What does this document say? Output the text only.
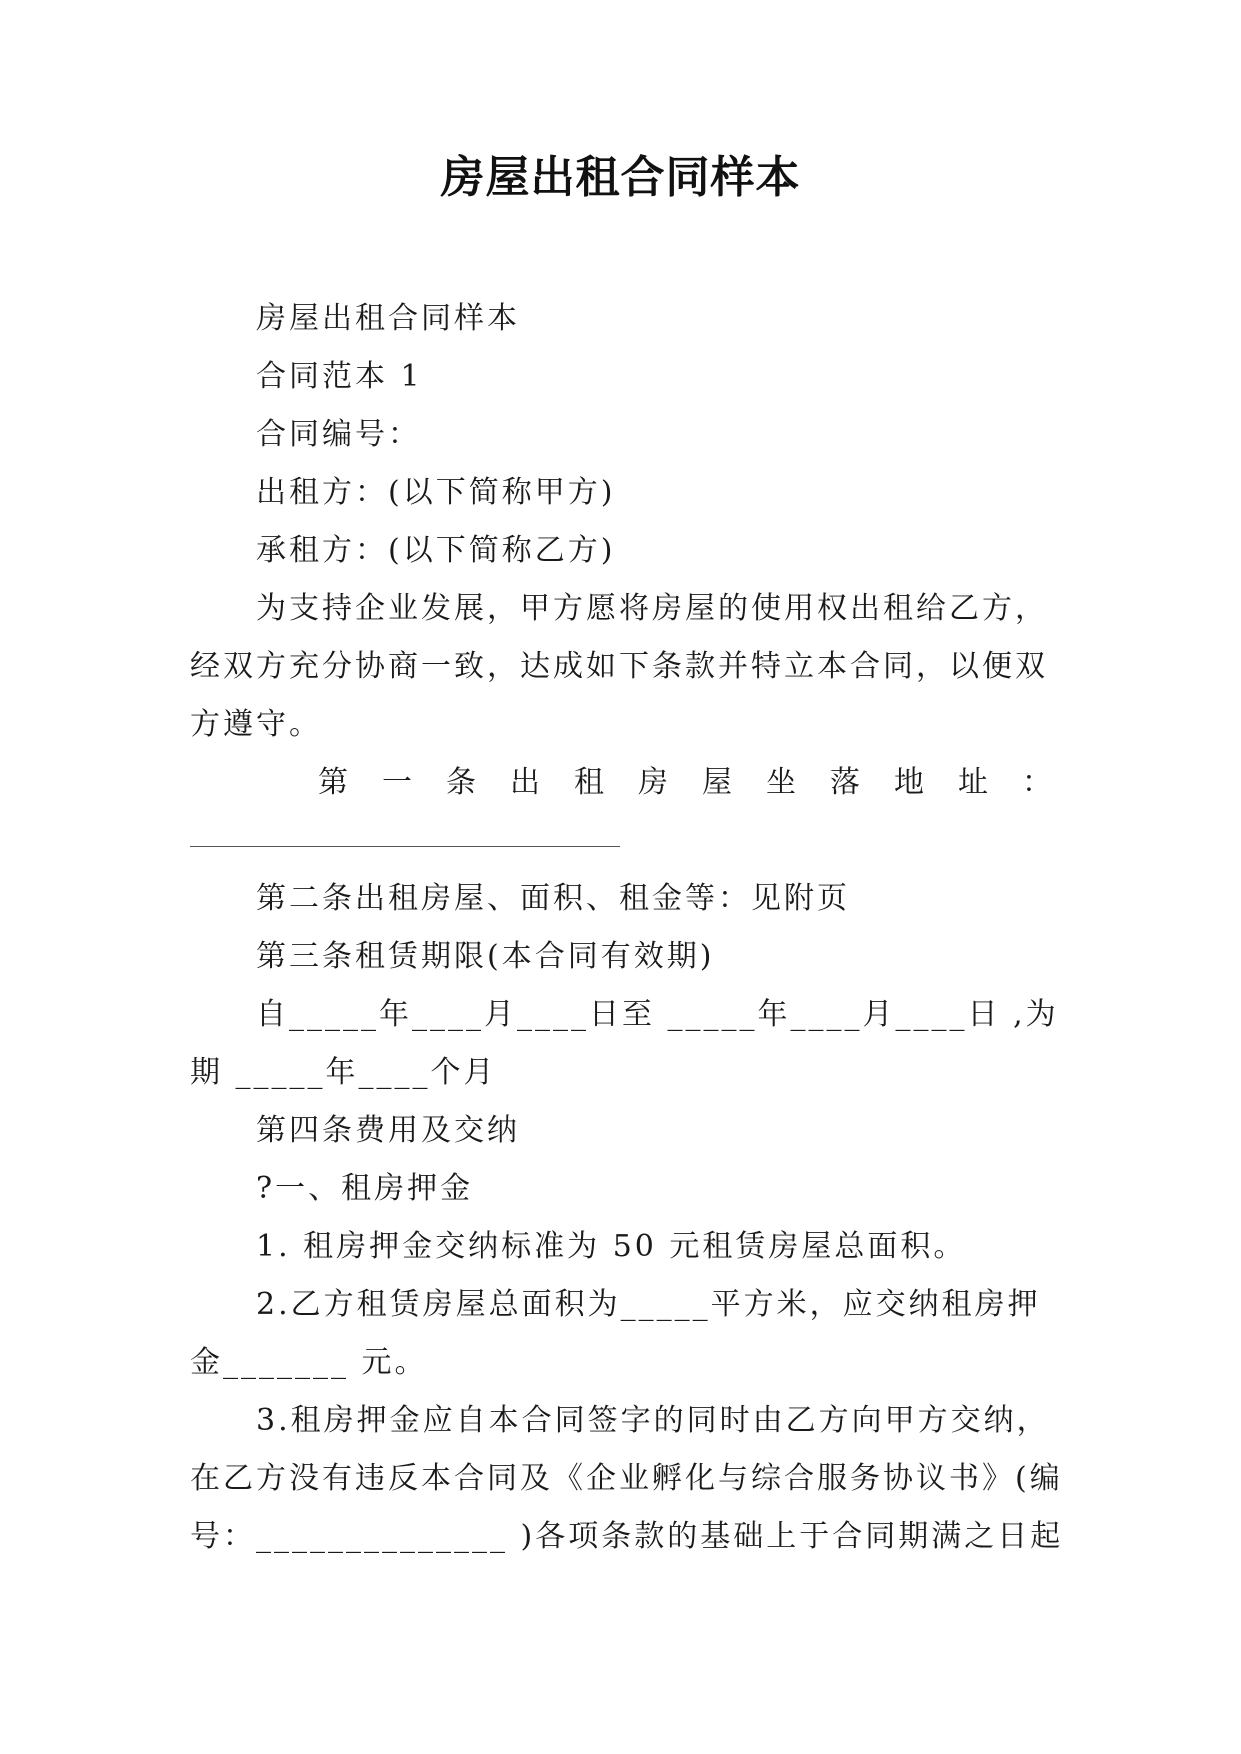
房屋出租合同样本
房屋出租合同样本
合同范本 1
合同编号：
出租方：(以下简称甲方)
承租方：(以下简称乙方)
为支持企业发展，甲方愿将房屋的使用权出租给乙方，
经双方充分协商一致，达成如下条款并特立本合同，以便双
方遵守。
第 一 条 出 租 房 屋 坐 落 地 址 ：
第二条出租房屋、面积、租金等：见附页
第三条租赁期限(本合同有效期)
自_____年____月____日至 _____年____月____日 ,为
期 _____年____个月
第四条费用及交纳
?一、租房押金
1. 租房押金交纳标准为 50 元租赁房屋总面积。
2.乙方租赁房屋总面积为_____平方米，应交纳租房押
金_______ 元。
3.租房押金应自本合同签字的同时由乙方向甲方交纳，
在乙方没有违反本合同及《企业孵化与综合服务协议书》(编
号：______________ )各项条款的基础上于合同期满之日起
